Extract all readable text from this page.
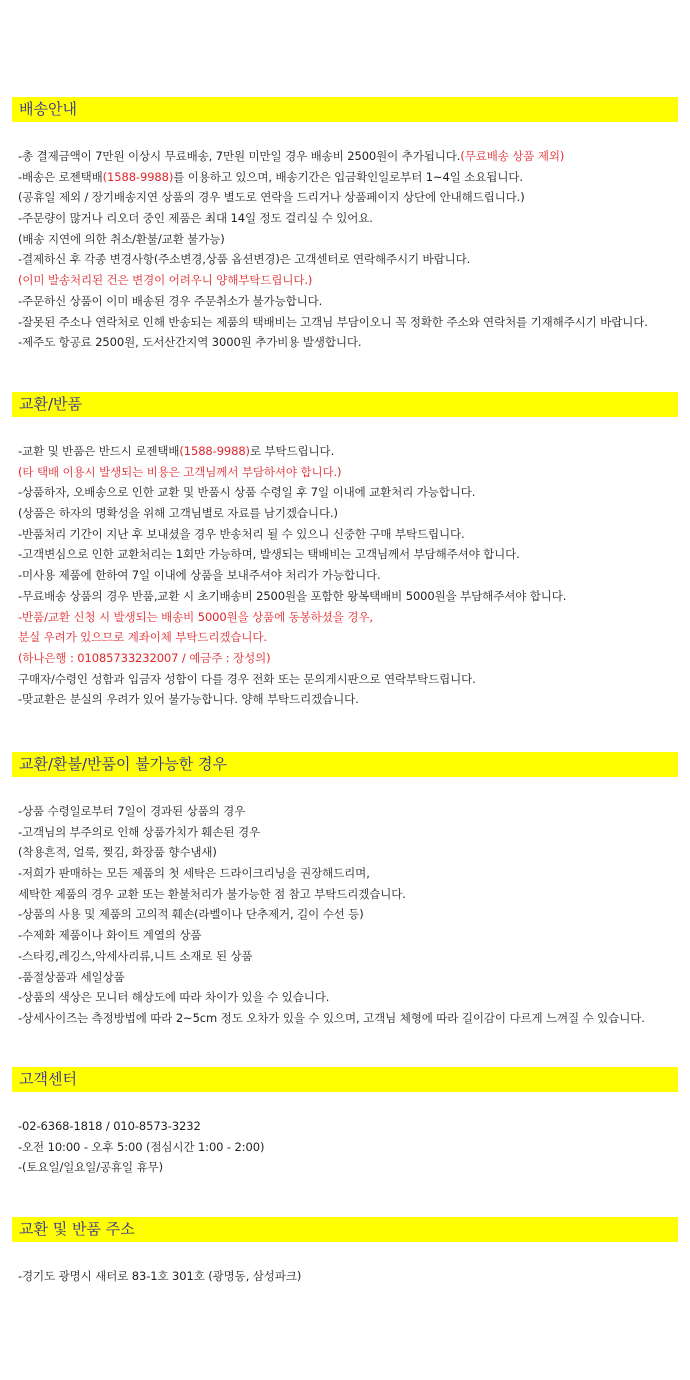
배송안내
-총 결제금액이 7만원 이상시 무료배송, 7만원 미만일 경우 배송비 2500원이 추가됩니다.(무료배송 상품 제외)
-배송은 로젠택배(1588-9988)를 이용하고 있으며, 배송기간은 입금확인일로부터 1~4일 소요됩니다.
(공휴일 제외 / 장기배송지연 상품의 경우 별도로 연락을 드리거나 상품페이지 상단에 안내해드립니다.)
-주문량이 많거나 리오더 중인 제품은 최대 14일 정도 걸리실 수 있어요.
(배송 지연에 의한 취소/환불/교환 불가능)
-결제하신 후 각종 변경사항(주소변경,상품 옵션변경)은 고객센터로 연락해주시기 바랍니다.
(이미 발송처리된 건은 변경이 어려우니 양해부탁드립니다.)
-주문하신 상품이 이미 배송된 경우 주문취소가 불가능합니다.
-잘못된 주소나 연락처로 인해 반송되는 제품의 택배비는 고객님 부담이오니 꼭 정확한 주소와 연락처를 기재해주시기 바랍니다.
-제주도 항공료 2500원, 도서산간지역 3000원 추가비용 발생합니다.
교환/반품
-교환 및 반품은 반드시 로젠택배(1588-9988)로 부탁드립니다.
(타 택배 이용시 발생되는 비용은 고객님께서 부담하셔야 합니다.)
-상품하자, 오배송으로 인한 교환 및 반품시 상품 수령일 후 7일 이내에 교환처리 가능합니다.
(상품은 하자의 명확성을 위해 고객님별로 자료를 남기겠습니다.)
-반품처리 기간이 지난 후 보내셨을 경우 반송처리 될 수 있으니 신중한 구매 부탁드립니다.
-고객변심으로 인한 교환처리는 1회만 가능하며, 발생되는 택배비는 고객님께서 부담해주셔야 합니다.
-미사용 제품에 한하여 7일 이내에 상품을 보내주셔야 처리가 가능합니다.
-무료배송 상품의 경우 반품,교환 시 초기배송비 2500원을 포함한 왕복택배비 5000원을 부담해주셔야 합니다.
-반품/교환 신청 시 발생되는 배송비 5000원을 상품에 동봉하셨을 경우,
분실 우려가 있으므로 계좌이체 부탁드리겠습니다.
(하나은행 : 01085733232007 / 예금주 : 장성의)
구매자/수령인 성함과 입금자 성함이 다를 경우 전화 또는 문의게시판으로 연락부탁드립니다.
-맞교환은 분실의 우려가 있어 불가능합니다. 양해 부탁드리겠습니다.
교환/환불/반품이 불가능한 경우
-상품 수령일로부터 7일이 경과된 상품의 경우
-고객님의 부주의로 인해 상품가치가 훼손된 경우
(착용흔적, 얼룩, 찢김, 화장품 향수냄새)
-저희가 판매하는 모든 제품의 첫 세탁은 드라이크리닝을 권장해드리며,
세탁한 제품의 경우 교환 또는 환불처리가 불가능한 점 참고 부탁드리겠습니다.
-상품의 사용 및 제품의 고의적 훼손(라벨이나 단추제거, 길이 수선 등)
-수제화 제품이나 화이트 계열의 상품
-스타킹,레깅스,악세사리류,니트 소재로 된 상품
-품절상품과 세일상품
-상품의 색상은 모니터 해상도에 따라 차이가 있을 수 있습니다.
-상세사이즈는 측정방법에 따라 2~5cm 정도 오차가 있을 수 있으며, 고객님 체형에 따라 길이감이 다르게 느껴질 수 있습니다.
고객센터
-02-6368-1818 / 010-8573-3232
-오전 10:00 - 오후 5:00 (점심시간 1:00 - 2:00)
-(토요일/일요일/공휴일 휴무)
교환 및 반품 주소
-경기도 광명시 새터로 83-1호 301호 (광명동, 삼성파크)
